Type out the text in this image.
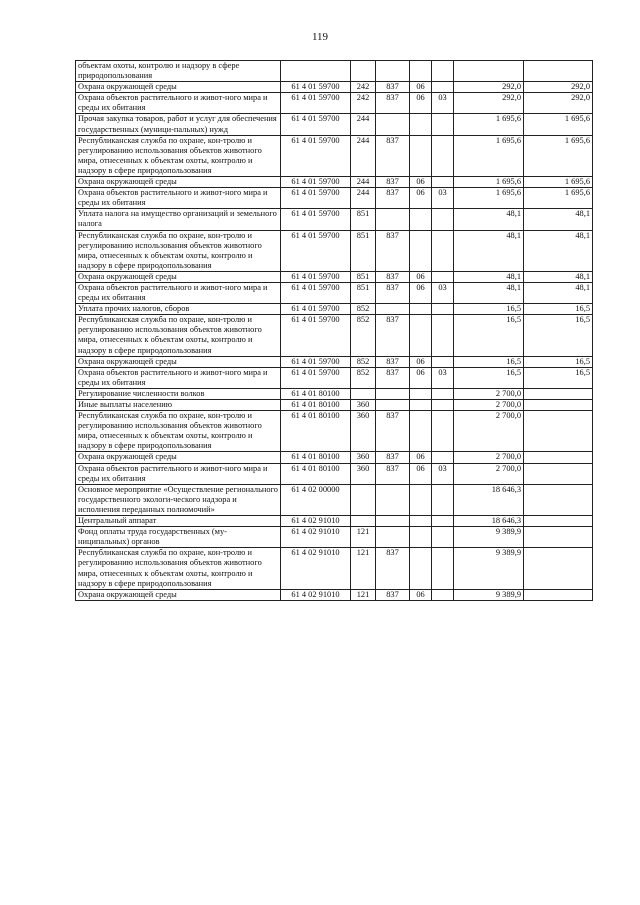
119
объектам охоты, контролю и надзору в сфере природопользования							
Охрана окружающей среды	61 4 01 59700	242	837	06		292,0	292,0
Охрана объектов растительного и живот-ного мира и среды их обитания	61 4 01 59700	242	837	06	03	292,0	292,0
Прочая закупка товаров, работ и услуг для обеспечения государственных (муници-пальных) нужд	61 4 01 59700	244				1 695,6	1 695,6
Республиканская служба по охране, кон-тролю и регулированию использования объектов животного мира, отнесенных к объектам охоты, контролю и надзору в сфере природопользования	61 4 01 59700	244	837			1 695,6	1 695,6
Охрана окружающей среды	61 4 01 59700	244	837	06		1 695,6	1 695,6
Охрана объектов растительного и живот-ного мира и среды их обитания	61 4 01 59700	244	837	06	03	1 695,6	1 695,6
Уплата налога на имущество организаций и земельного налога	61 4 01 59700	851				48,1	48,1
Республиканская служба по охране, кон-тролю и регулированию использования объектов животного мира, отнесенных к объектам охоты, контролю и надзору в сфере природопользования	61 4 01 59700	851	837			48,1	48,1
Охрана окружающей среды	61 4 01 59700	851	837	06		48,1	48,1
Охрана объектов растительного и живот-ного мира и среды их обитания	61 4 01 59700	851	837	06	03	48,1	48,1
Уплата прочих налогов, сборов	61 4 01 59700	852				16,5	16,5
Республиканская служба по охране, кон-тролю и регулированию использования объектов животного мира, отнесенных к объектам охоты, контролю и надзору в сфере природопользования	61 4 01 59700	852	837			16,5	16,5
Охрана окружающей среды	61 4 01 59700	852	837	06		16,5	16,5
Охрана объектов растительного и живот-ного мира и среды их обитания	61 4 01 59700	852	837	06	03	16,5	16,5
Регулирование численности волков	61 4 01 80100					2 700,0	
Иные выплаты населению	61 4 01 80100	360				2 700,0	
Республиканская служба по охране, кон-тролю и регулированию использования объектов животного мира, отнесенных к объектам охоты, контролю и надзору в сфере природопользования	61 4 01 80100	360	837			2 700,0	
Охрана окружающей среды	61 4 01 80100	360	837	06		2 700,0	
Охрана объектов растительного и живот-ного мира и среды их обитания	61 4 01 80100	360	837	06	03	2 700,0	
Основное мероприятие «Осуществление регионального государственного экологи-ческого надзора и исполнения переданных полномочий»	61 4 02 00000					18 646,3	
Центральный аппарат	61 4 02 91010					18 646,3	
Фонд оплаты труда государственных (му-ниципальных) органов	61 4 02 91010	121				9 389,9	
Республиканская служба по охране, кон-тролю и регулированию использования объектов животного мира, отнесенных к объектам охоты, контролю и надзору в сфере природопользования	61 4 02 91010	121	837			9 389,9	
Охрана окружающей среды	61 4 02 91010	121	837	06		9 389,9	
